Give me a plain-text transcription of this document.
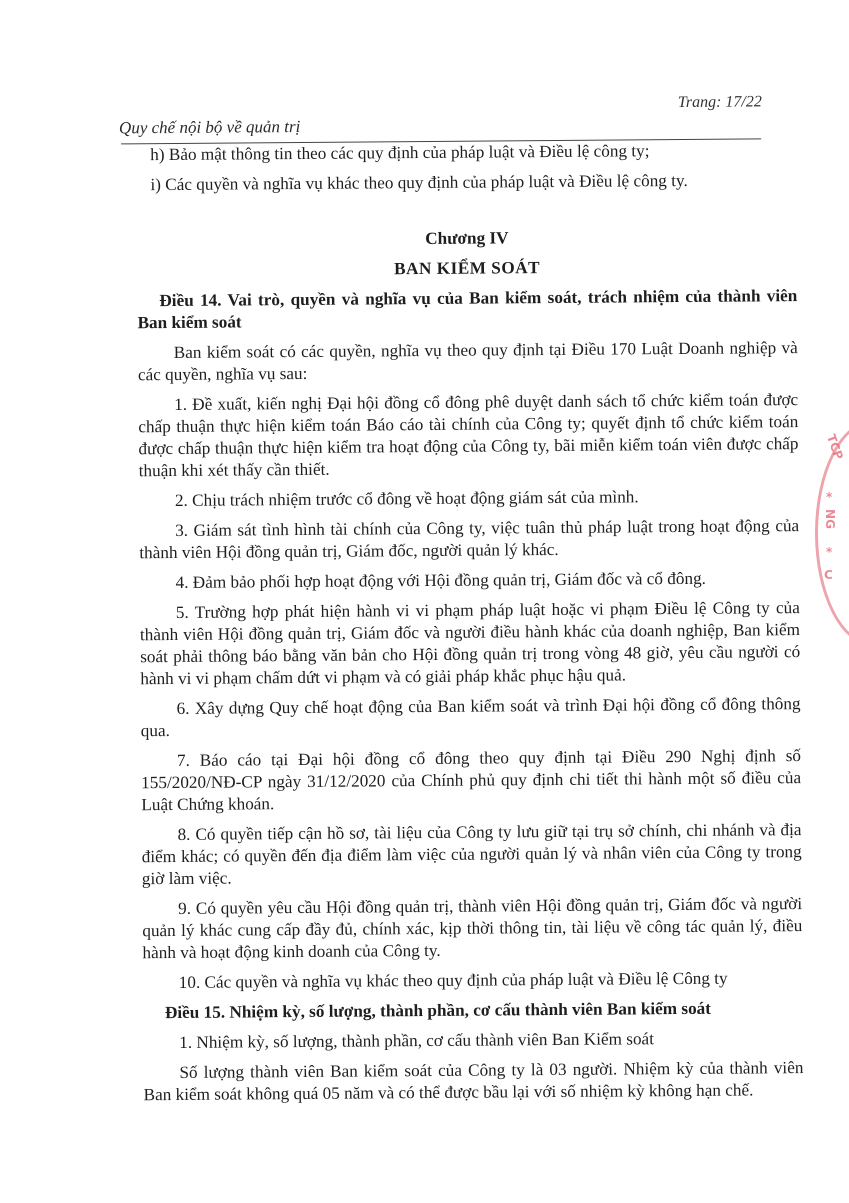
Trang: 17/22
Quy chế nội bộ về quản trị

h) Bảo mật thông tin theo các quy định của pháp luật và Điều lệ công ty;

i) Các quyền và nghĩa vụ khác theo quy định của pháp luật và Điều lệ công ty.

Chương IV

BAN KIỂM SOÁT

Điều 14. Vai trò, quyền và nghĩa vụ của Ban kiểm soát, trách nhiệm của thành viên Ban kiểm soát

Ban kiểm soát có các quyền, nghĩa vụ theo quy định tại Điều 170 Luật Doanh nghiệp và các quyền, nghĩa vụ sau:

1. Đề xuất, kiến nghị Đại hội đồng cổ đông phê duyệt danh sách tổ chức kiểm toán được chấp thuận thực hiện kiểm toán Báo cáo tài chính của Công ty; quyết định tổ chức kiểm toán được chấp thuận thực hiện kiểm tra hoạt động của Công ty, bãi miễn kiểm toán viên được chấp thuận khi xét thấy cần thiết.

2. Chịu trách nhiệm trước cổ đông về hoạt động giám sát của mình.

3. Giám sát tình hình tài chính của Công ty, việc tuân thủ pháp luật trong hoạt động của thành viên Hội đồng quản trị, Giám đốc, người quản lý khác.

4. Đảm bảo phối hợp hoạt động với Hội đồng quản trị, Giám đốc và cổ đông.

5. Trường hợp phát hiện hành vi vi phạm pháp luật hoặc vi phạm Điều lệ Công ty của thành viên Hội đồng quản trị, Giám đốc và người điều hành khác của doanh nghiệp, Ban kiểm soát phải thông báo bằng văn bản cho Hội đồng quản trị trong vòng 48 giờ, yêu cầu người có hành vi vi phạm chấm dứt vi phạm và có giải pháp khắc phục hậu quả.

6. Xây dựng Quy chế hoạt động của Ban kiểm soát và trình Đại hội đồng cổ đông thông qua.

7. Báo cáo tại Đại hội đồng cổ đông theo quy định tại Điều 290 Nghị định số 155/2020/NĐ-CP ngày 31/12/2020 của Chính phủ quy định chi tiết thi hành một số điều của Luật Chứng khoán.

8. Có quyền tiếp cận hồ sơ, tài liệu của Công ty lưu giữ tại trụ sở chính, chi nhánh và địa điểm khác; có quyền đến địa điểm làm việc của người quản lý và nhân viên của Công ty trong giờ làm việc.

9. Có quyền yêu cầu Hội đồng quản trị, thành viên Hội đồng quản trị, Giám đốc và người quản lý khác cung cấp đầy đủ, chính xác, kịp thời thông tin, tài liệu về công tác quản lý, điều hành và hoạt động kinh doanh của Công ty.

10. Các quyền và nghĩa vụ khác theo quy định của pháp luật và Điều lệ Công ty

Điều 15. Nhiệm kỳ, số lượng, thành phần, cơ cấu thành viên Ban kiểm soát

1. Nhiệm kỳ, số lượng, thành phần, cơ cấu thành viên Ban Kiểm soát

Số lượng thành viên Ban kiểm soát của Công ty là 03 người. Nhiệm kỳ của thành viên Ban kiểm soát không quá 05 năm và có thể được bầu lại với số nhiệm kỳ không hạn chế.

TCP
*
NG
*
C
